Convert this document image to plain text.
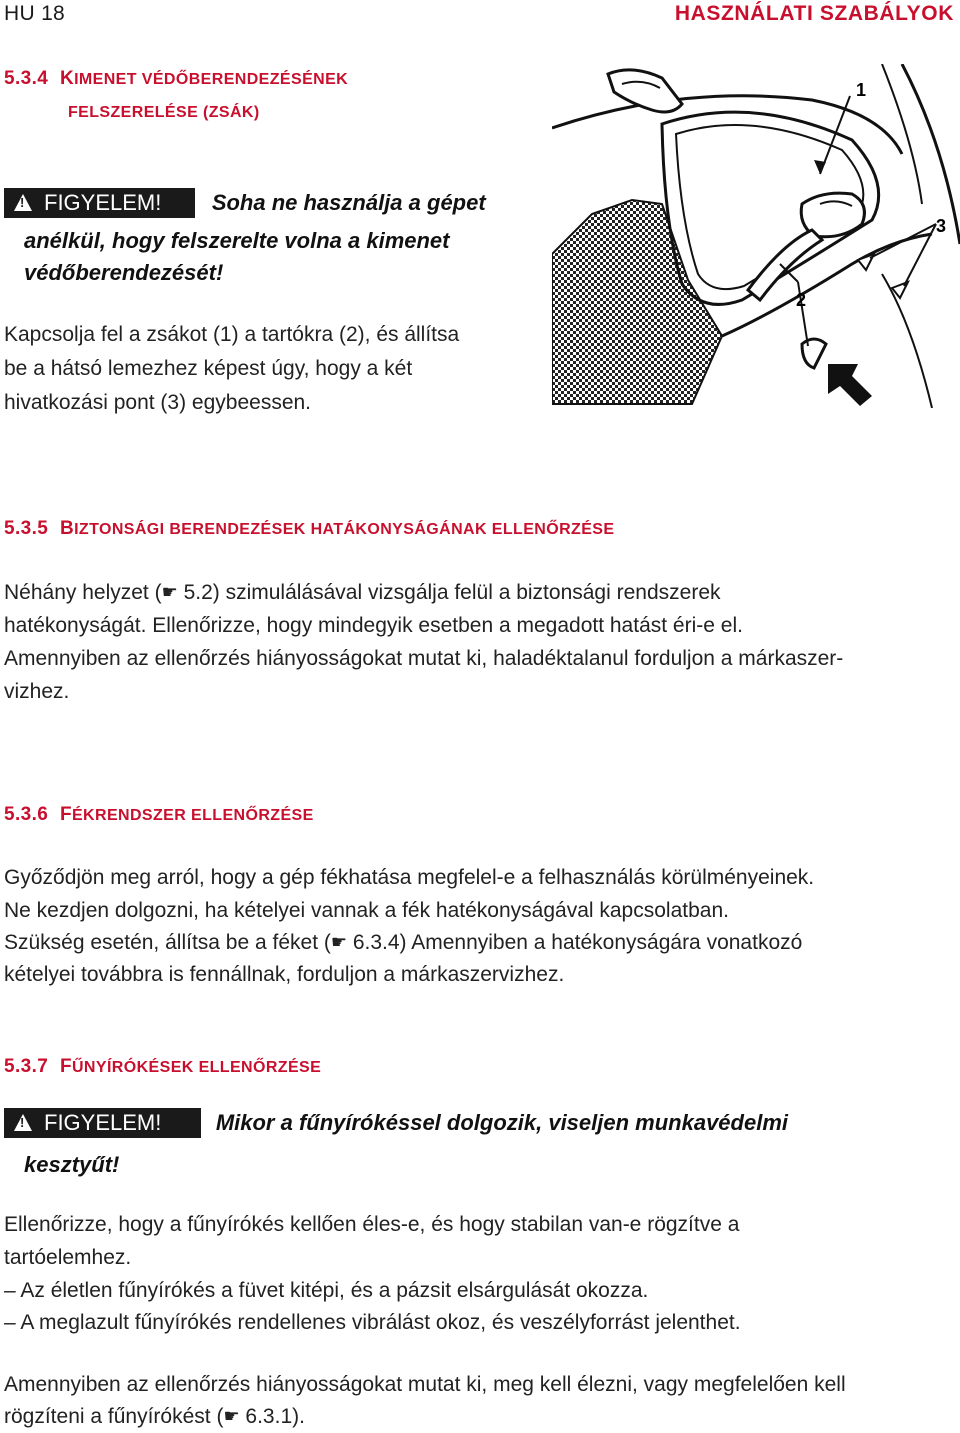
HU 18	HASZNÁLATI SZABÁLYOK
5.3.4 KIMENET VÉDŐBERENDEZÉSÉNEK
FELSZERELÉSE (ZSÁK)
!FIGYELEM! Soha ne használja a gépet
anélkül, hogy felszerelte volna a kimenet
védőberendezését!
Kapcsolja fel a zsákot (1) a tartókra (2), és állítsa
be a hátsó lemezhez képest úgy, hogy a két
hivatkozási pont (3) egybeessen.
1
3
2
5.3.5 BIZTONSÁGI BERENDEZÉSEK HATÁKONYSÁGÁNAK ELLENŐRZÉSE
Néhány helyzet (☛ 5.2) szimulálásával vizsgálja felül a biztonsági rendszerek
hatékonyságát. Ellenőrizze, hogy mindegyik esetben a megadott hatást éri-e el.
Amennyiben az ellenőrzés hiányosságokat mutat ki, haladéktalanul forduljon a márkaszer-
vizhez.
5.3.6 FÉKRENDSZER ELLENŐRZÉSE
Győződjön meg arról, hogy a gép fékhatása megfelel-e a felhasználás körülményeinek.
Ne kezdjen dolgozni, ha kételyei vannak a fék hatékonyságával kapcsolatban.
Szükség esetén, állítsa be a féket (☛ 6.3.4) Amennyiben a hatékonyságára vonatkozó
kételyei továbbra is fennállnak, forduljon a márkaszervizhez.
5.3.7 FŰNYÍRÓKÉSEK ELLENŐRZÉSE
!FIGYELEM! Mikor a fűnyírókéssel dolgozik, viseljen munkavédelmi
kesztyűt!
Ellenőrizze, hogy a fűnyírókés kellően éles-e, és hogy stabilan van-e rögzítve a
tartóelemhez.
– Az életlen fűnyírókés a füvet kitépi, és a pázsit elsárgulását okozza.
– A meglazult fűnyírókés rendellenes vibrálást okoz, és veszélyforrást jelenthet.
Amennyiben az ellenőrzés hiányosságokat mutat ki, meg kell élezni, vagy megfelelően kell
rögzíteni a fűnyírókést (☛ 6.3.1).
